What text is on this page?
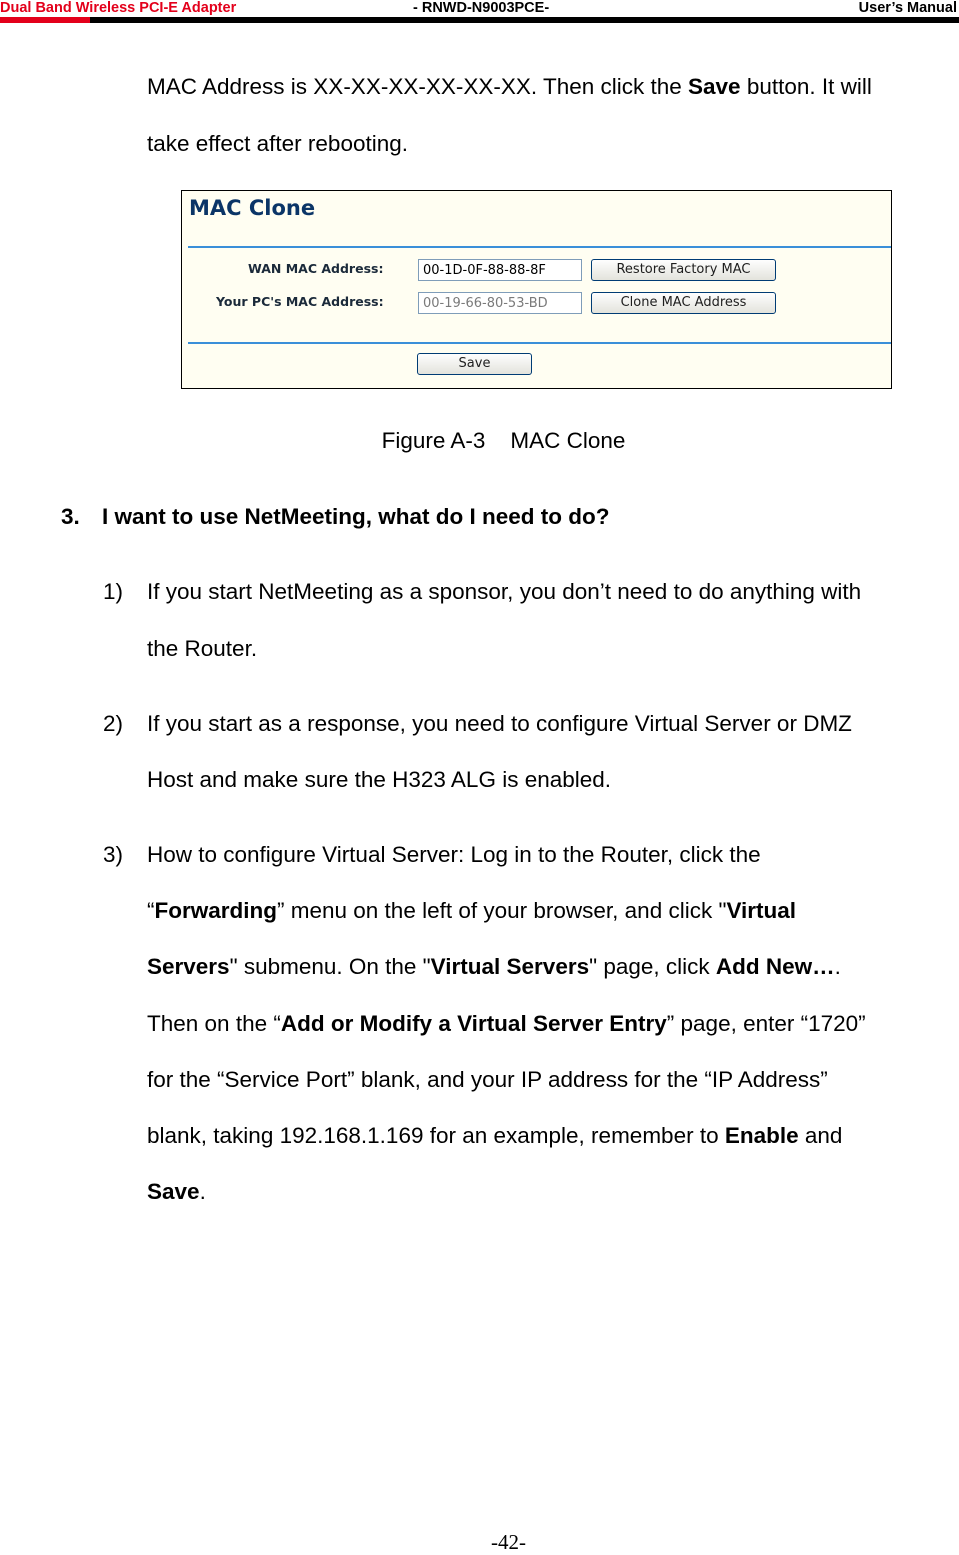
Dual Band Wireless PCI-E Adapter	- RNWD-N9003PCE-	User’s Manual
MAC Address is XX-XX-XX-XX-XX-XX. Then click the Save button. It will
take effect after rebooting.
MAC Clone
WAN MAC Address:	00-1D-0F-88-88-8F	Restore Factory MAC
Your PC's MAC Address:	00-19-66-80-53-BD	Clone MAC Address
Save
Figure A-3    MAC Clone
3. I want to use NetMeeting, what do I need to do?
1) If you start NetMeeting as a sponsor, you don’t need to do anything with
the Router.
2) If you start as a response, you need to configure Virtual Server or DMZ
Host and make sure the H323 ALG is enabled.
3) How to configure Virtual Server: Log in to the Router, click the
“Forwarding” menu on the left of your browser, and click "Virtual
Servers" submenu. On the "Virtual Servers" page, click Add New….
Then on the “Add or Modify a Virtual Server Entry” page, enter “1720”
for the “Service Port” blank, and your IP address for the “IP Address”
blank, taking 192.168.1.169 for an example, remember to Enable and
Save.
-42-
